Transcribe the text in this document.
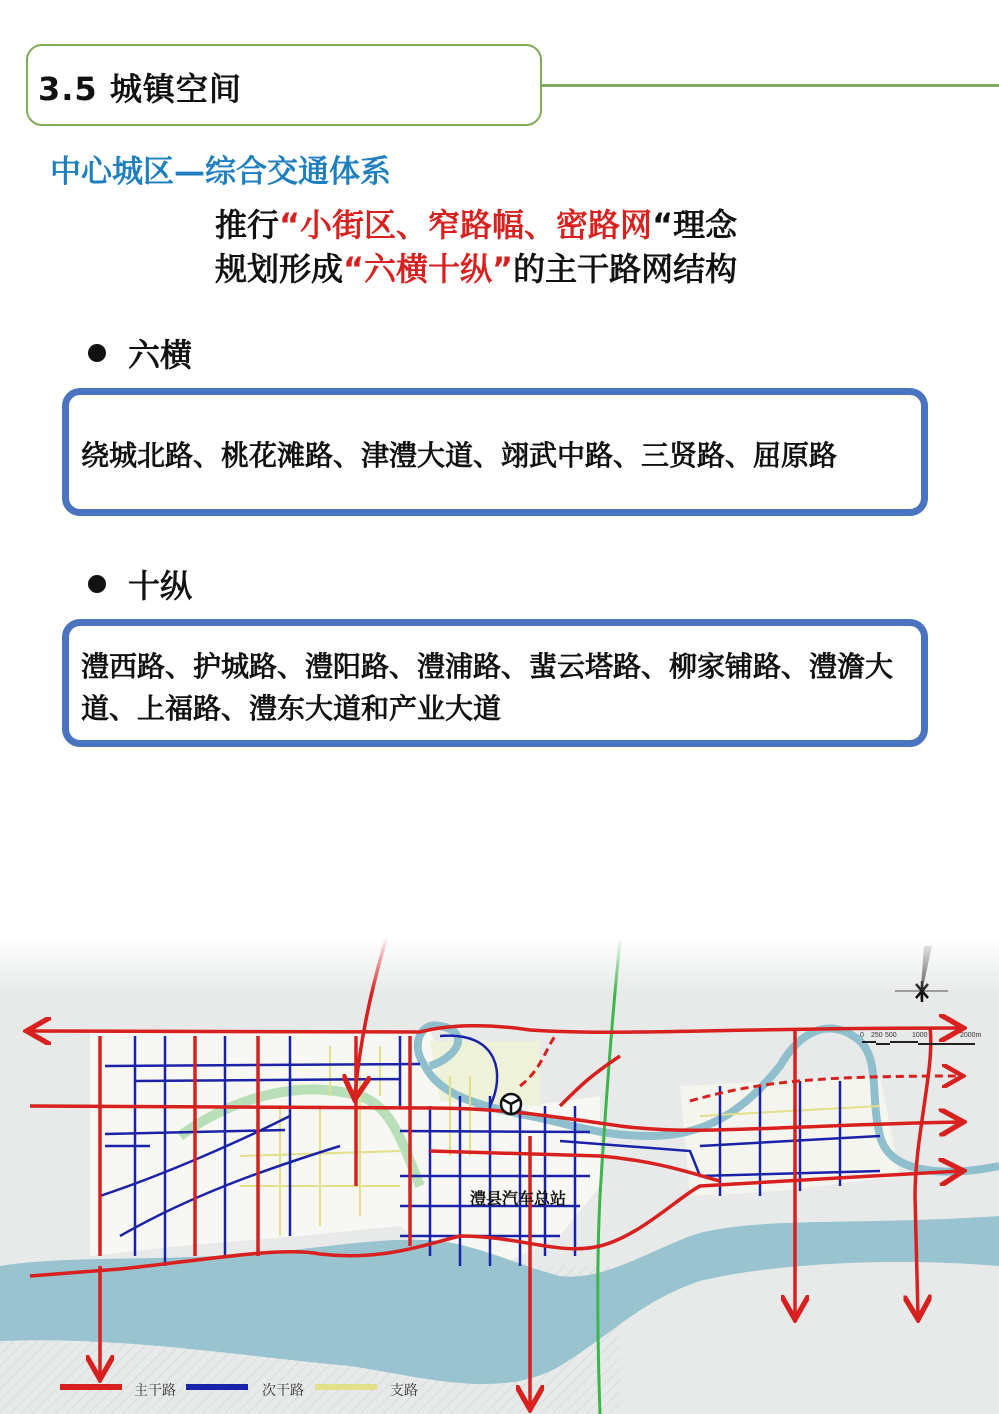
3.5 城镇空间
中心城区—综合交通体系
推行“小街区、窄路幅、密路网“理念
规划形成“六横十纵”的主干路网结构
六横
绕城北路、桃花滩路、津澧大道、翊武中路、三贤路、屈原路
十纵
澧西路、护城路、澧阳路、澧浦路、蜚云塔路、柳家铺路、澧澹大道、上福路、澧东大道和产业大道
澧县汽车总站
主干路	次干路	支路
